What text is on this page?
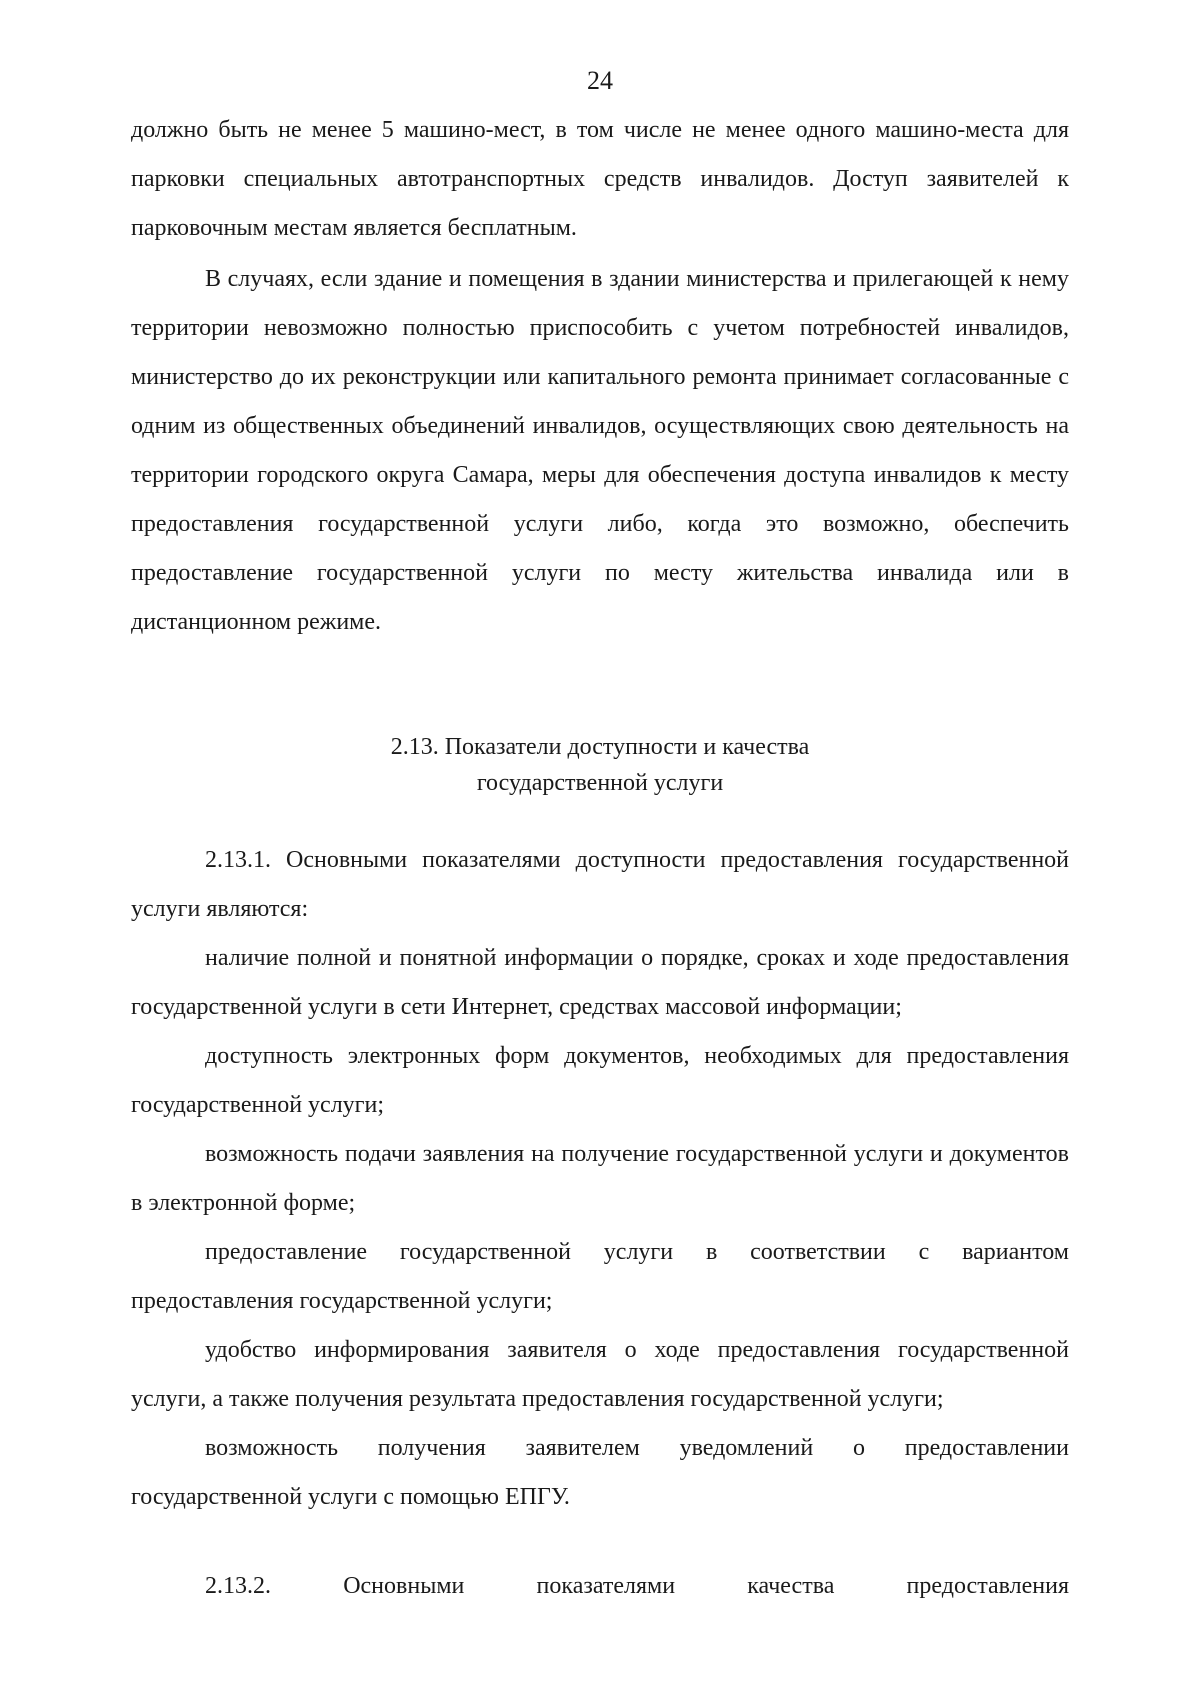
24

должно быть не менее 5 машино-мест, в том числе не менее одного машино-места для парковки специальных автотранспортных средств инвалидов. Доступ заявителей к парковочным местам является бесплатным.

В случаях, если здание и помещения в здании министерства и прилегающей к нему территории невозможно полностью приспособить с учетом потребностей инвалидов, министерство до их реконструкции или капитального ремонта принимает согласованные с одним из общественных объединений инвалидов, осуществляющих свою деятельность на территории городского округа Самара, меры для обеспечения доступа инвалидов к месту предоставления государственной услуги либо, когда это возможно, обеспечить предоставление государственной услуги по месту жительства инвалида или в дистанционном режиме.

2.13. Показатели доступности и качества
государственной услуги

2.13.1. Основными показателями доступности предоставления государственной услуги являются:

наличие полной и понятной информации о порядке, сроках и ходе предоставления государственной услуги в сети Интернет, средствах массовой информации;

доступность электронных форм документов, необходимых для предоставления государственной услуги;

возможность подачи заявления на получение государственной услуги и документов в электронной форме;

предоставление государственной услуги в соответствии с вариантом предоставления государственной услуги;

удобство информирования заявителя о ходе предоставления государственной услуги, а также получения результата предоставления государственной услуги;

возможность получения заявителем уведомлений о предоставлении государственной услуги с помощью ЕПГУ.

2.13.2. Основными показателями качества предоставления
